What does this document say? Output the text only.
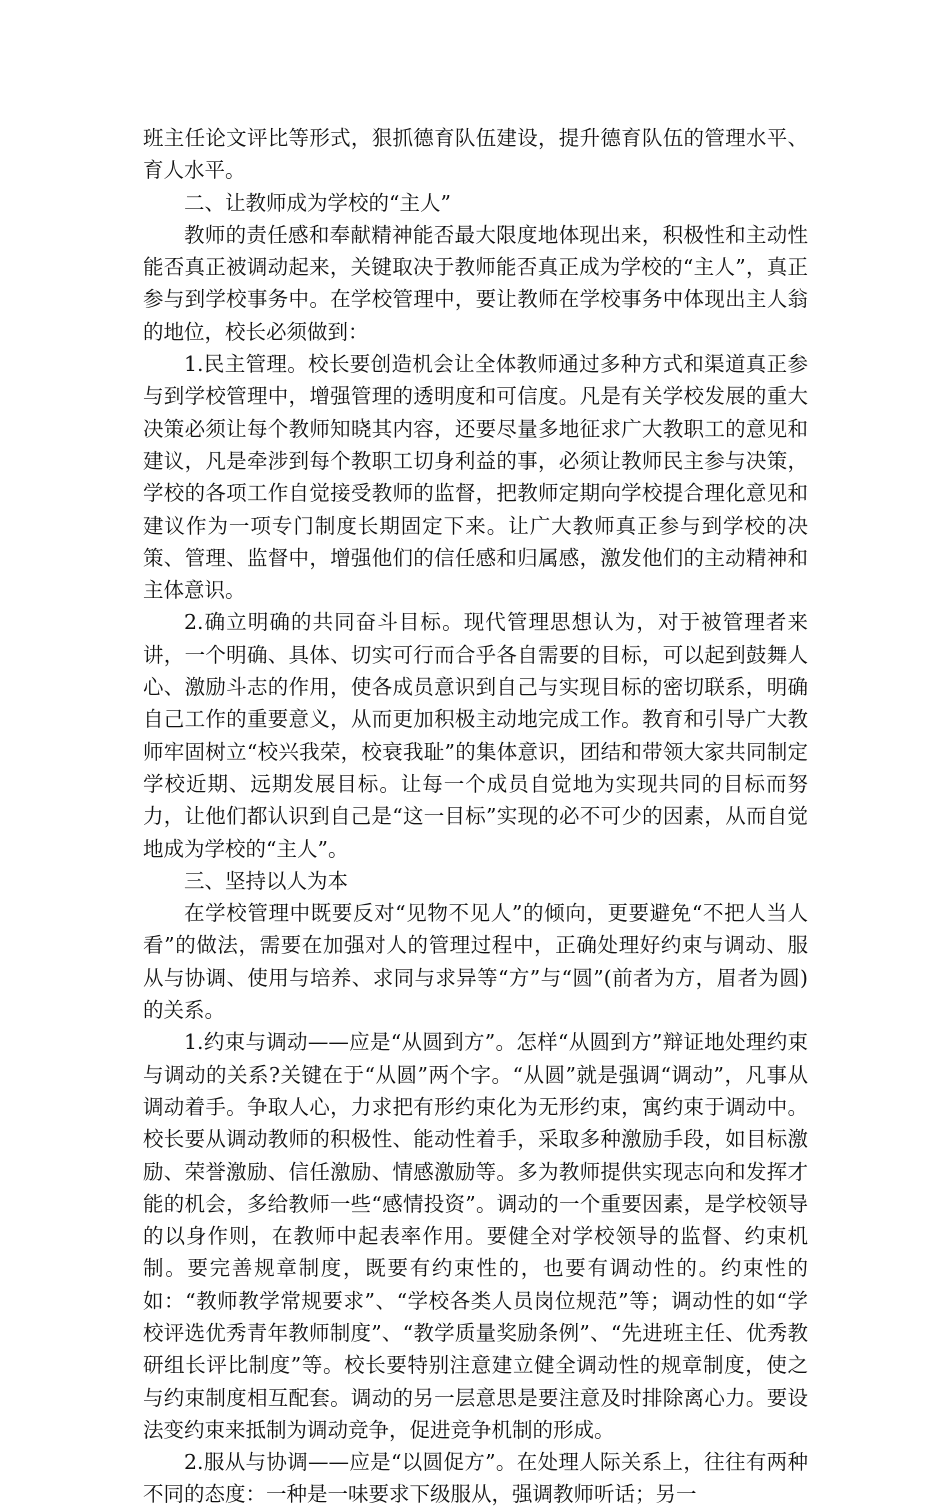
班主任论文评比等形式，狠抓德育队伍建设，提升德育队伍的管理水平、育人水平。

二、让教师成为学校的“主人”

教师的责任感和奉献精神能否最大限度地体现出来，积极性和主动性能否真正被调动起来，关键取决于教师能否真正成为学校的“主人”，真正参与到学校事务中。在学校管理中，要让教师在学校事务中体现出主人翁的地位，校长必须做到：

1.民主管理。校长要创造机会让全体教师通过多种方式和渠道真正参与到学校管理中，增强管理的透明度和可信度。凡是有关学校发展的重大决策必须让每个教师知晓其内容，还要尽量多地征求广大教职工的意见和建议，凡是牵涉到每个教职工切身利益的事，必须让教师民主参与决策，学校的各项工作自觉接受教师的监督，把教师定期向学校提合理化意见和建议作为一项专门制度长期固定下来。让广大教师真正参与到学校的决策、管理、监督中，增强他们的信任感和归属感，激发他们的主动精神和主体意识。

2.确立明确的共同奋斗目标。现代管理思想认为，对于被管理者来讲，一个明确、具体、切实可行而合乎各自需要的目标，可以起到鼓舞人心、激励斗志的作用，使各成员意识到自己与实现目标的密切联系，明确自己工作的重要意义，从而更加积极主动地完成工作。教育和引导广大教师牢固树立“校兴我荣，校衰我耻”的集体意识，团结和带领大家共同制定学校近期、远期发展目标。让每一个成员自觉地为实现共同的目标而努力，让他们都认识到自己是“这一目标”实现的必不可少的因素，从而自觉地成为学校的“主人”。

三、坚持以人为本

在学校管理中既要反对“见物不见人”的倾向，更要避免“不把人当人看”的做法，需要在加强对人的管理过程中，正确处理好约束与调动、服从与协调、使用与培养、求同与求异等“方”与“圆”(前者为方，眉者为圆)的关系。

1.约束与调动——应是“从圆到方”。怎样“从圆到方”辩证地处理约束与调动的关系?关键在于“从圆”两个字。“从圆”就是强调“调动”，凡事从调动着手。争取人心，力求把有形约束化为无形约束，寓约束于调动中。校长要从调动教师的积极性、能动性着手，采取多种激励手段，如目标激励、荣誉激励、信任激励、情感激励等。多为教师提供实现志向和发挥才能的机会，多给教师一些“感情投资”。调动的一个重要因素，是学校领导的以身作则，在教师中起表率作用。要健全对学校领导的监督、约束机制。要完善规章制度，既要有约束性的，也要有调动性的。约束性的如：“教师教学常规要求”、“学校各类人员岗位规范”等；调动性的如“学校评选优秀青年教师制度”、“教学质量奖励条例”、“先进班主任、优秀教研组长评比制度”等。校长要特别注意建立健全调动性的规章制度，使之与约束制度相互配套。调动的另一层意思是要注意及时排除离心力。要设法变约束来抵制为调动竞争，促进竞争机制的形成。

2.服从与协调——应是“以圆促方”。在处理人际关系上，往往有两种不同的态度：一种是一味要求下级服从，强调教师听话；另一
